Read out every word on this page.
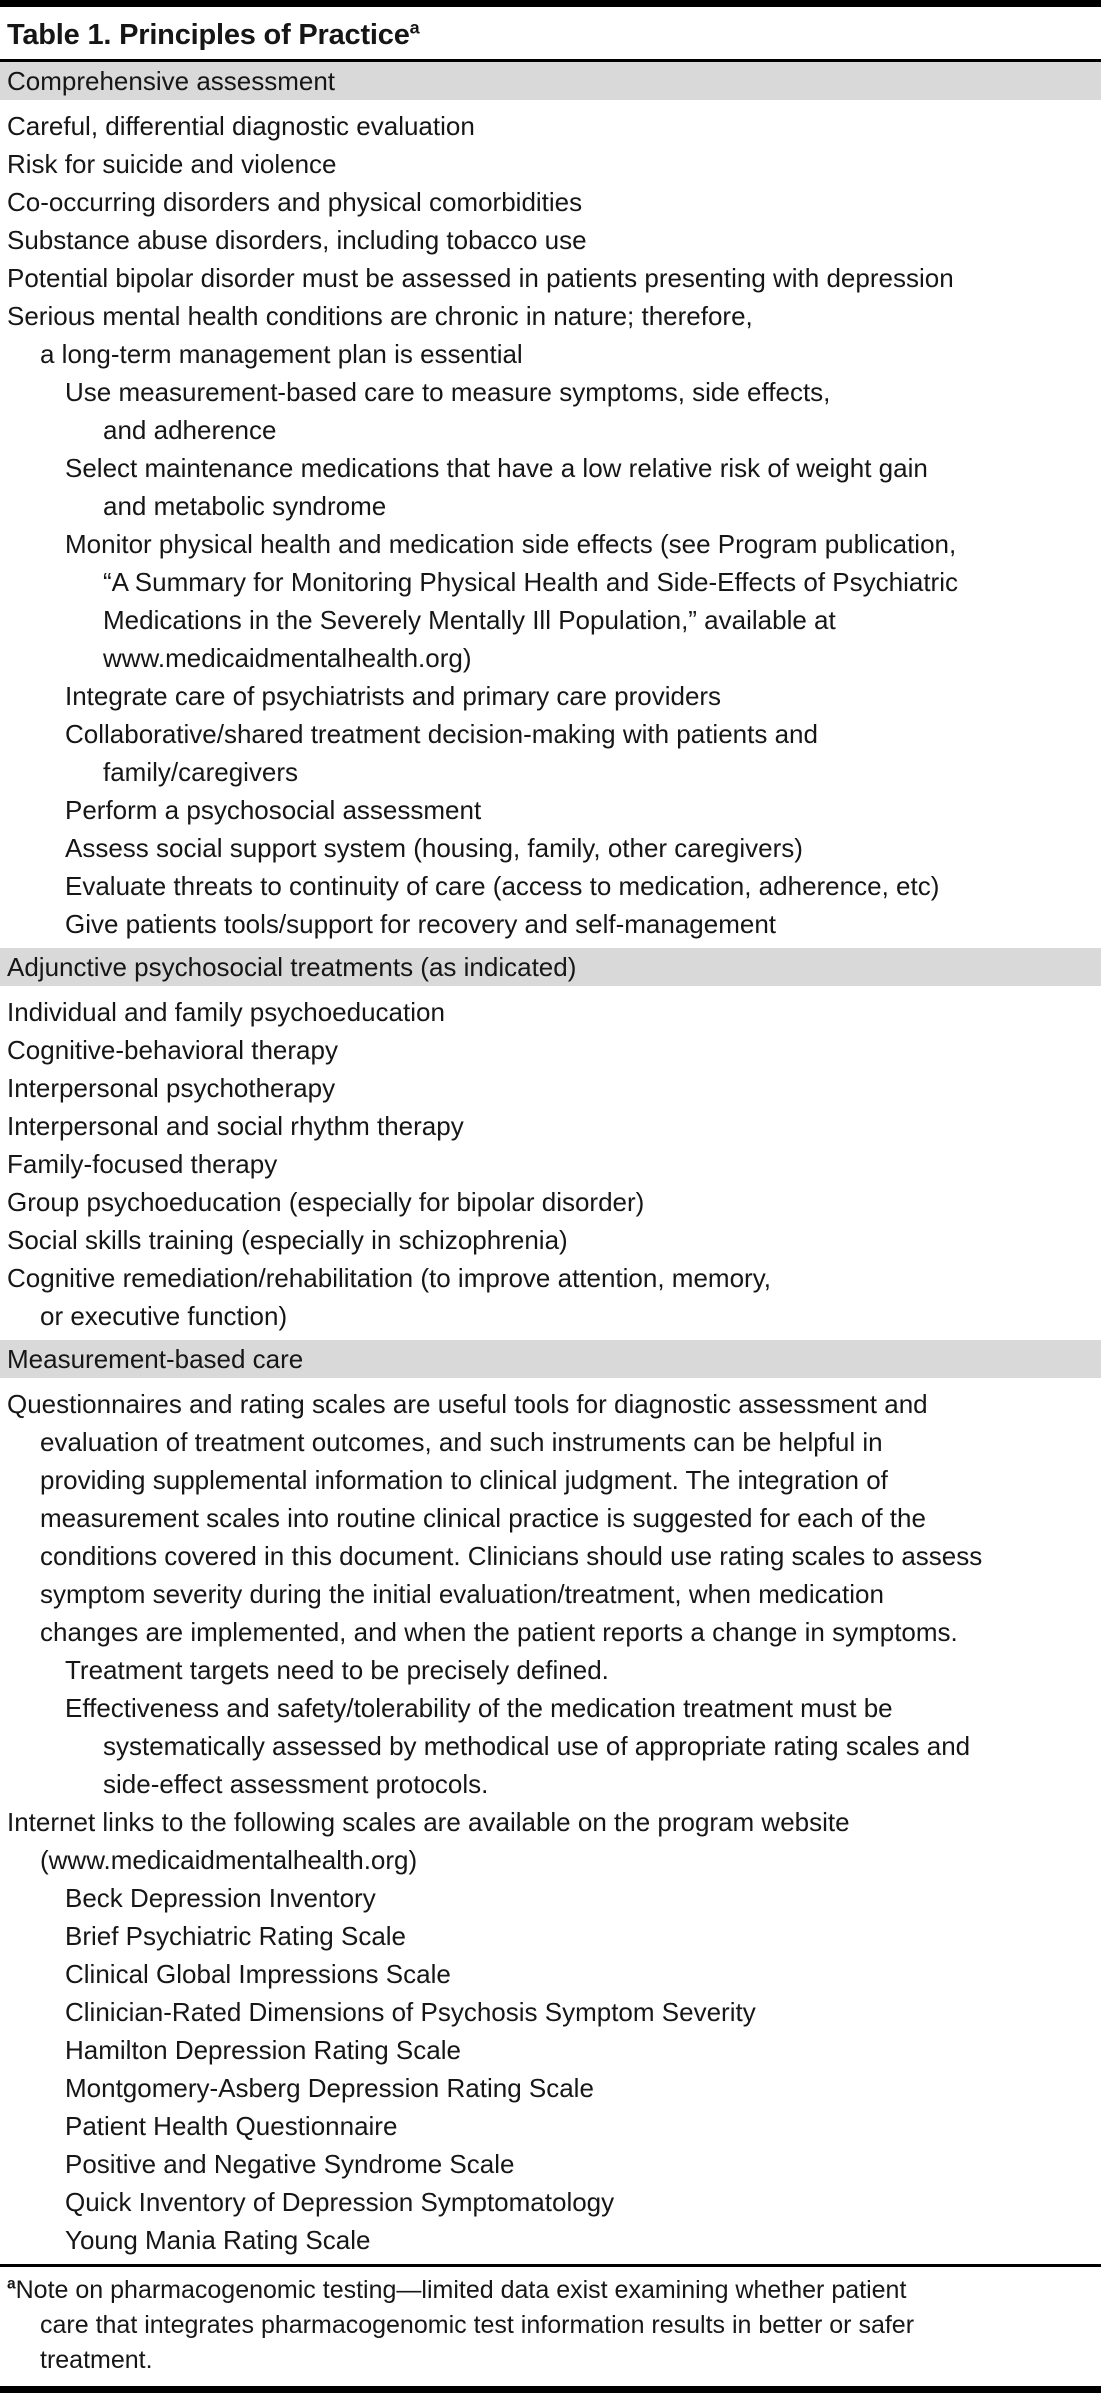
Table 1. Principles of Practice$^a$
Comprehensive assessment
Careful, differential diagnostic evaluation
Risk for suicide and violence
Co-occurring disorders and physical comorbidities
Substance abuse disorders, including tobacco use
Potential bipolar disorder must be assessed in patients presenting with depression
Serious mental health conditions are chronic in nature; therefore,
a long-term management plan is essential
Use measurement-based care to measure symptoms, side effects,
and adherence
Select maintenance medications that have a low relative risk of weight gain
and metabolic syndrome
Monitor physical health and medication side effects (see Program publication,
“A Summary for Monitoring Physical Health and Side-Effects of Psychiatric
Medications in the Severely Mentally Ill Population,” available at
www.medicaidmentalhealth.org)
Integrate care of psychiatrists and primary care providers
Collaborative/shared treatment decision-making with patients and
family/caregivers
Perform a psychosocial assessment
Assess social support system (housing, family, other caregivers)
Evaluate threats to continuity of care (access to medication, adherence, etc)
Give patients tools/support for recovery and self-management
Adjunctive psychosocial treatments (as indicated)
Individual and family psychoeducation
Cognitive-behavioral therapy
Interpersonal psychotherapy
Interpersonal and social rhythm therapy
Family-focused therapy
Group psychoeducation (especially for bipolar disorder)
Social skills training (especially in schizophrenia)
Cognitive remediation/rehabilitation (to improve attention, memory,
or executive function)
Measurement-based care
Questionnaires and rating scales are useful tools for diagnostic assessment and
evaluation of treatment outcomes, and such instruments can be helpful in
providing supplemental information to clinical judgment. The integration of
measurement scales into routine clinical practice is suggested for each of the
conditions covered in this document. Clinicians should use rating scales to assess
symptom severity during the initial evaluation/treatment, when medication
changes are implemented, and when the patient reports a change in symptoms.
Treatment targets need to be precisely defined.
Effectiveness and safety/tolerability of the medication treatment must be
systematically assessed by methodical use of appropriate rating scales and
side-effect assessment protocols.
Internet links to the following scales are available on the program website
(www.medicaidmentalhealth.org)
Beck Depression Inventory
Brief Psychiatric Rating Scale
Clinical Global Impressions Scale
Clinician-Rated Dimensions of Psychosis Symptom Severity
Hamilton Depression Rating Scale
Montgomery-Asberg Depression Rating Scale
Patient Health Questionnaire
Positive and Negative Syndrome Scale
Quick Inventory of Depression Symptomatology
Young Mania Rating Scale
$^a$Note on pharmacogenomic testing—limited data exist examining whether patient
care that integrates pharmacogenomic test information results in better or safer
treatment.
